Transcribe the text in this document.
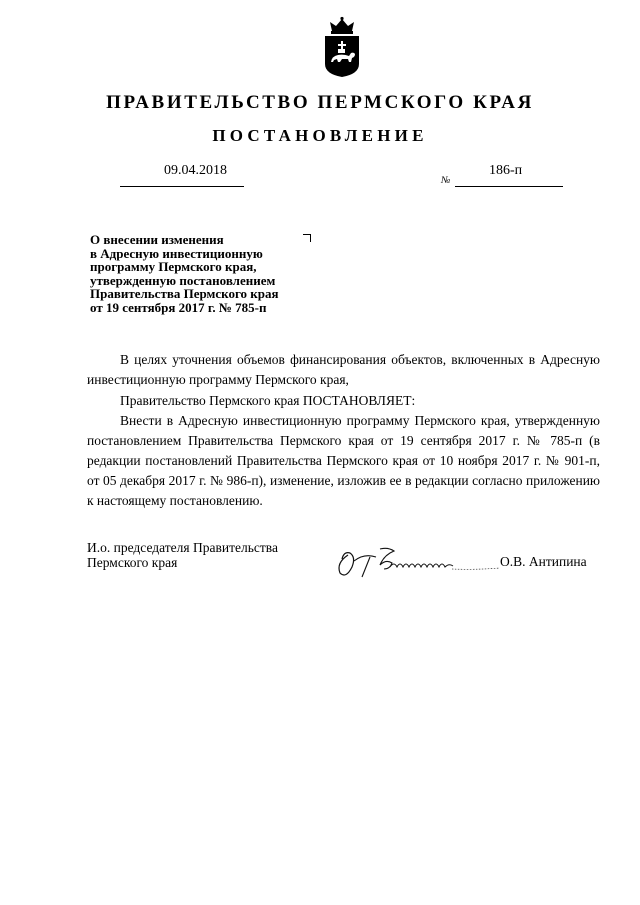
ПРАВИТЕЛЬСТВО ПЕРМСКОГО КРАЯ
ПОСТАНОВЛЕНИЕ
09.04.2018
№
186-п
О внесении изменения
в Адресную инвестиционную
программу Пермского края,
утвержденную постановлением
Правительства Пермского края
от 19 сентября 2017 г. № 785-п
В целях уточнения объемов финансирования объектов, включенных в Адресную инвестиционную программу Пермского края,
Правительство Пермского края ПОСТАНОВЛЯЕТ:
Внести в Адресную инвестиционную программу Пермского края, утвержденную постановлением Правительства Пермского края от 19 сентября 2017 г. № 785-п (в редакции постановлений Правительства Пермского края от 10 ноября 2017 г. № 901-п, от 05 декабря 2017 г. № 986-п), изменение, изложив ее в редакции согласно приложению к настоящему постановлению.
И.о. председателя Правительства
Пермского края	О.В. Антипина
